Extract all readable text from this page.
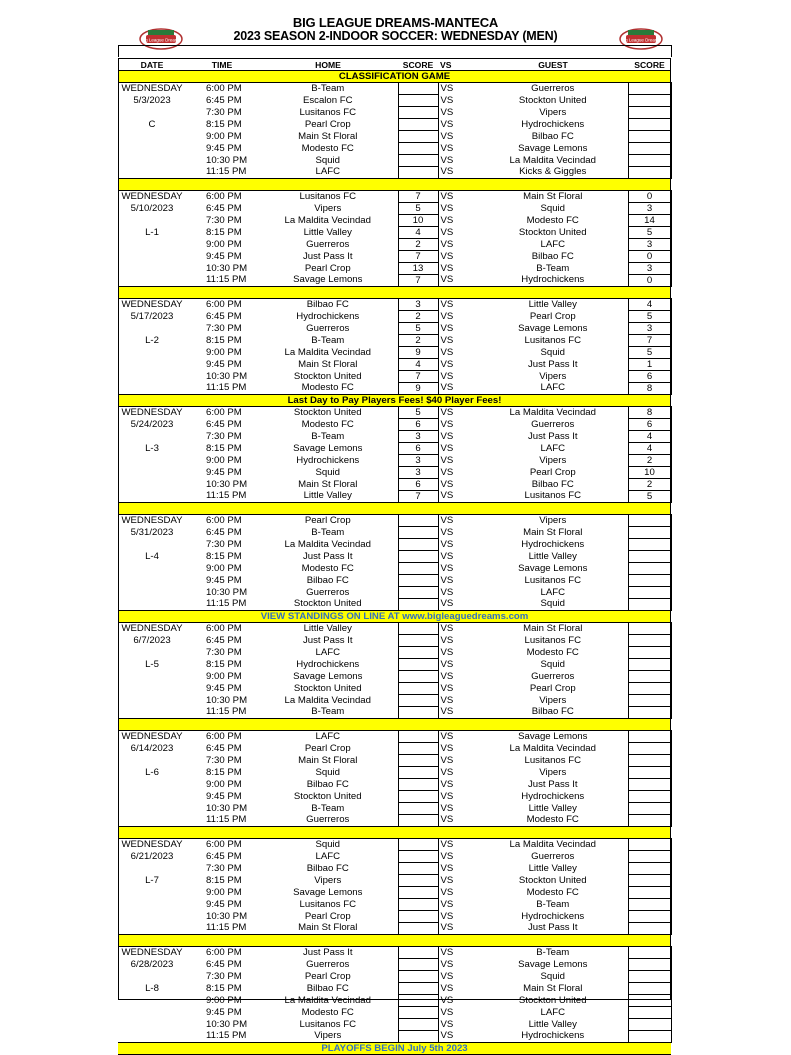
Big League Dreams	Big League Dreams
BIG LEAGUE DREAMS-MANTECA
2023 SEASON 2-INDOOR SOCCER: WEDNESDAY (MEN)
DATE	TIME	HOME	SCORE	VS	GUEST	SCORE
CLASSIFICATION GAME						
WEDNESDAY	6:00 PM	B-Team		VS	Guerreros	
5/3/2023	6:45 PM	Escalon FC		VS	Stockton United	
	7:30 PM	Lusitanos FC		VS	Vipers	
C	8:15 PM	Pearl Crop		VS	Hydrochickens	
	9:00 PM	Main St Floral		VS	Bilbao FC	
	9:45 PM	Modesto FC		VS	Savage Lemons	
	10:30 PM	Squid		VS	La Maldita Vecindad	
	11:15 PM	LAFC		VS	Kicks & Giggles	

WEDNESDAY	6:00 PM	Lusitanos FC	7	VS	Main St Floral	0
5/10/2023	6:45 PM	Vipers	5	VS	Squid	3
	7:30 PM	La Maldita Vecindad	10	VS	Modesto FC	14
L-1	8:15 PM	Little Valley	4	VS	Stockton United	5
	9:00 PM	Guerreros	2	VS	LAFC	3
	9:45 PM	Just Pass It	7	VS	Bilbao FC	0
	10:30 PM	Pearl Crop	13	VS	B-Team	3
	11:15 PM	Savage Lemons	7	VS	Hydrochickens	0

WEDNESDAY	6:00 PM	Bilbao FC	3	VS	Little Valley	4
5/17/2023	6:45 PM	Hydrochickens	2	VS	Pearl Crop	5
	7:30 PM	Guerreros	5	VS	Savage Lemons	3
L-2	8:15 PM	B-Team	2	VS	Lusitanos FC	7
	9:00 PM	La Maldita Vecindad	9	VS	Squid	5
	9:45 PM	Main St Floral	4	VS	Just Pass It	1
	10:30 PM	Stockton United	7	VS	Vipers	6
	11:15 PM	Modesto FC	9	VS	LAFC	8
Last Day to Pay Players Fees! $40 Player Fees!						
WEDNESDAY	6:00 PM	Stockton United	5	VS	La Maldita Vecindad	8
5/24/2023	6:45 PM	Modesto FC	6	VS	Guerreros	6
	7:30 PM	B-Team	3	VS	Just Pass It	4
L-3	8:15 PM	Savage Lemons	6	VS	LAFC	4
	9:00 PM	Hydrochickens	3	VS	Vipers	2
	9:45 PM	Squid	3	VS	Pearl Crop	10
	10:30 PM	Main St Floral	6	VS	Bilbao FC	2
	11:15 PM	Little Valley	7	VS	Lusitanos FC	5

WEDNESDAY	6:00 PM	Pearl Crop		VS	Vipers	
5/31/2023	6:45 PM	B-Team		VS	Main St Floral	
	7:30 PM	La Maldita Vecindad		VS	Hydrochickens	
L-4	8:15 PM	Just Pass It		VS	Little Valley	
	9:00 PM	Modesto FC		VS	Savage Lemons	
	9:45 PM	Bilbao FC		VS	Lusitanos FC	
	10:30 PM	Guerreros		VS	LAFC	
	11:15 PM	Stockton United		VS	Squid	
VIEW STANDINGS ON LINE AT www.bigleaguedreams.com						
WEDNESDAY	6:00 PM	Little Valley		VS	Main St Floral	
6/7/2023	6:45 PM	Just Pass It		VS	Lusitanos FC	
	7:30 PM	LAFC		VS	Modesto FC	
L-5	8:15 PM	Hydrochickens		VS	Squid	
	9:00 PM	Savage Lemons		VS	Guerreros	
	9:45 PM	Stockton United		VS	Pearl Crop	
	10:30 PM	La Maldita Vecindad		VS	Vipers	
	11:15 PM	B-Team		VS	Bilbao FC	

WEDNESDAY	6:00 PM	LAFC		VS	Savage Lemons	
6/14/2023	6:45 PM	Pearl Crop		VS	La Maldita Vecindad	
	7:30 PM	Main St Floral		VS	Lusitanos FC	
L-6	8:15 PM	Squid		VS	Vipers	
	9:00 PM	Bilbao FC		VS	Just Pass It	
	9:45 PM	Stockton United		VS	Hydrochickens	
	10:30 PM	B-Team		VS	Little Valley	
	11:15 PM	Guerreros		VS	Modesto FC	

WEDNESDAY	6:00 PM	Squid		VS	La Maldita Vecindad	
6/21/2023	6:45 PM	LAFC		VS	Guerreros	
	7:30 PM	Bilbao FC		VS	Little Valley	
L-7	8:15 PM	Vipers		VS	Stockton United	
	9:00 PM	Savage Lemons		VS	Modesto FC	
	9:45 PM	Lusitanos FC		VS	B-Team	
	10:30 PM	Pearl Crop		VS	Hydrochickens	
	11:15 PM	Main St Floral		VS	Just Pass It	

WEDNESDAY	6:00 PM	Just Pass It		VS	B-Team	
6/28/2023	6:45 PM	Guerreros		VS	Savage Lemons	
	7:30 PM	Pearl Crop		VS	Squid	
L-8	8:15 PM	Bilbao FC		VS	Main St Floral	
	9:00 PM	La Maldita Vecindad		VS	Stockton United	
	9:45 PM	Modesto FC		VS	LAFC	
	10:30 PM	Lusitanos FC		VS	Little Valley	
	11:15 PM	Vipers		VS	Hydrochickens	
PLAYOFFS BEGIN July 5th 2023						
